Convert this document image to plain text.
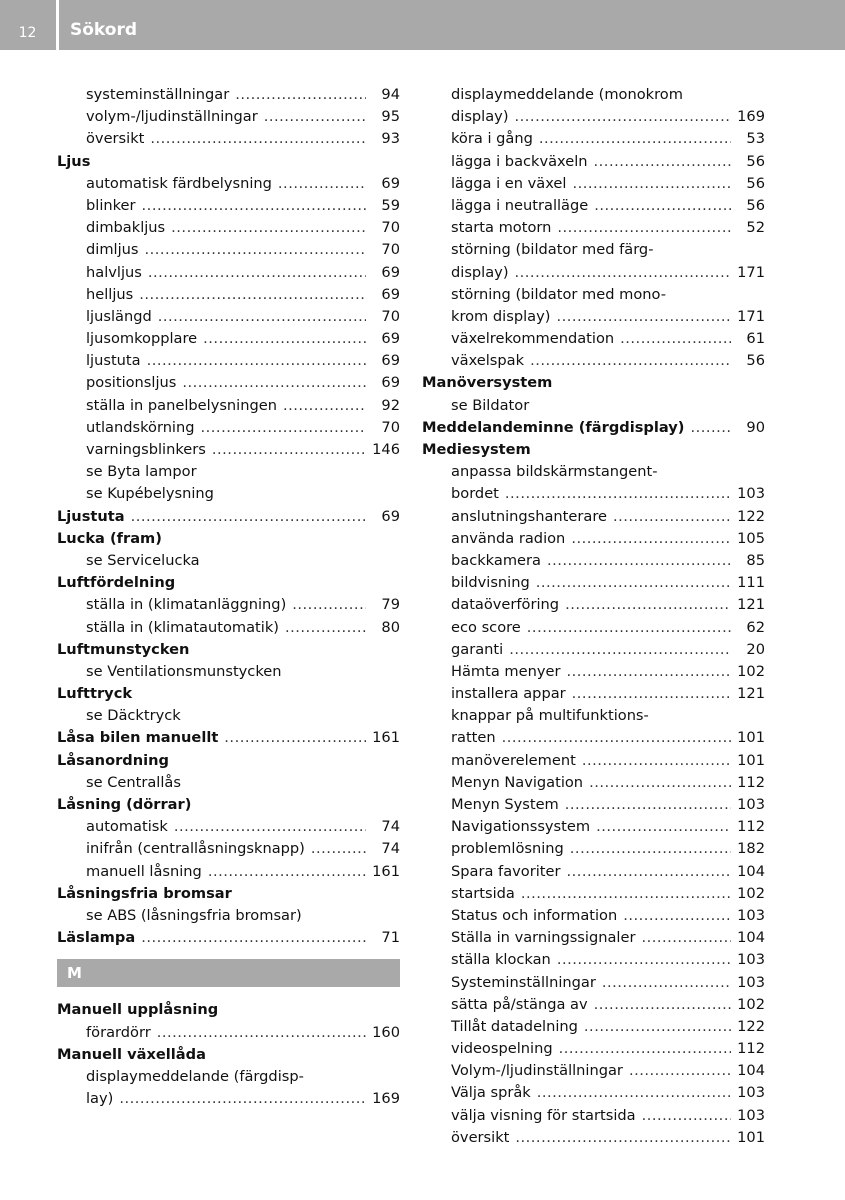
12	Sökord
systeminställningar .....	94
volym-/ljudinställningar .....	95
översikt .....	93
Ljus
automatisk färdbelysning .....	69
blinker .....	59
dimbakljus .....	70
dimljus .....	70
halvljus .....	69
helljus .....	69
ljuslängd .....	70
ljusomkopplare .....	69
ljustuta .....	69
positionsljus .....	69
ställa in panelbelysningen .....	92
utlandskörning .....	70
varningsblinkers .....	146
se Byta lampor
se Kupébelysning
Ljustuta .....	69
Lucka (fram)
se Servicelucka
Luftfördelning
ställa in (klimatanläggning) .....	79
ställa in (klimatautomatik) .....	80
Luftmunstycken
se Ventilationsmunstycken
Lufttryck
se Däcktryck
Låsa bilen manuellt .....	161
Låsanordning
se Centrallås
Låsning (dörrar)
automatisk .....	74
inifrån (centrallåsningsknapp) .....	74
manuell låsning .....	161
Låsningsfria bromsar
se ABS (låsningsfria bromsar)
Läslampa .....	71
M
Manuell upplåsning
förardörr .....	160
Manuell växellåda
displaymeddelande (färgdisp-
lay) .....	169
displaymeddelande (monokrom
display) .....	169
köra i gång .....	53
lägga i backväxeln .....	56
lägga i en växel .....	56
lägga i neutralläge .....	56
starta motorn .....	52
störning (bildator med färg-
display) .....	171
störning (bildator med mono-
krom display) .....	171
växelrekommendation .....	61
växelspak .....	56
Manöversystem
se Bildator
Meddelandeminne (färgdisplay) .....	90
Mediesystem
anpassa bildskärmstangent-
bordet .....	103
anslutningshanterare .....	122
använda radion .....	105
backkamera .....	85
bildvisning .....	111
dataöverföring .....	121
eco score .....	62
garanti .....	20
Hämta menyer .....	102
installera appar .....	121
knappar på multifunktions-
ratten .....	101
manöverelement .....	101
Menyn Navigation .....	112
Menyn System .....	103
Navigationssystem .....	112
problemlösning .....	182
Spara favoriter .....	104
startsida .....	102
Status och information .....	103
Ställa in varningssignaler .....	104
ställa klockan .....	103
Systeminställningar .....	103
sätta på/stänga av .....	102
Tillåt datadelning .....	122
videospelning .....	112
Volym-/ljudinställningar .....	104
Välja språk .....	103
välja visning för startsida .....	103
översikt .....	101
